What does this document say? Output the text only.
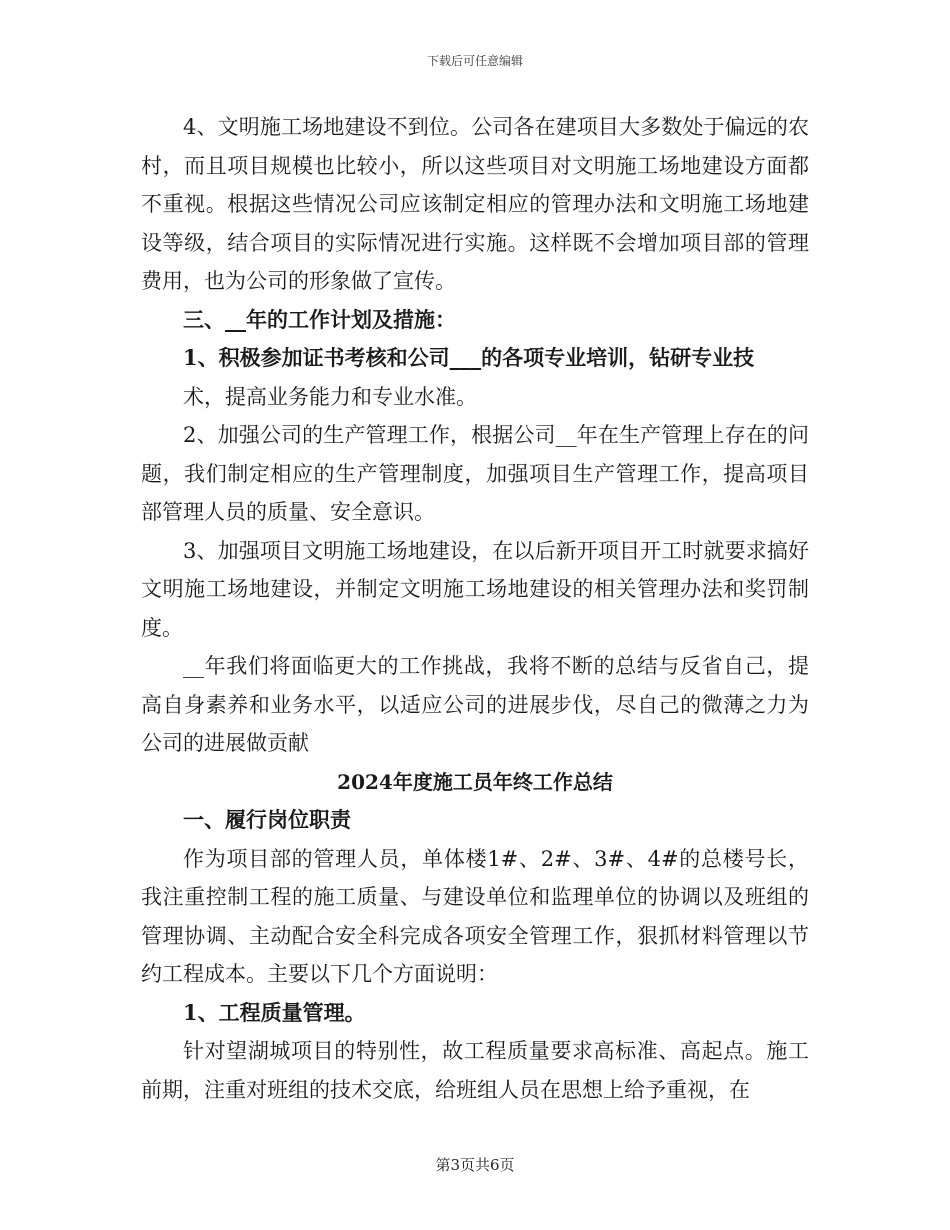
下载后可任意编辑

4、文明施工场地建设不到位。公司各在建项目大多数处于偏远的农村，而且项目规模也比较小，所以这些项目对文明施工场地建设方面都不重视。根据这些情况公司应该制定相应的管理办法和文明施工场地建设等级，结合项目的实际情况进行实施。这样既不会增加项目部的管理费用，也为公司的形象做了宣传。

三、__年的工作计划及措施：

1、积极参加证书考核和公司___的各项专业培训，钻研专业技

术，提高业务能力和专业水准。

2、加强公司的生产管理工作，根据公司__年在生产管理上存在的问题，我们制定相应的生产管理制度，加强项目生产管理工作，提高项目部管理人员的质量、安全意识。

3、加强项目文明施工场地建设，在以后新开项目开工时就要求搞好文明施工场地建设，并制定文明施工场地建设的相关管理办法和奖罚制度。

__年我们将面临更大的工作挑战，我将不断的总结与反省自己，提高自身素养和业务水平，以适应公司的进展步伐，尽自己的微薄之力为公司的进展做贡献

2024年度施工员年终工作总结

一、履行岗位职责

作为项目部的管理人员，单体楼1#、2#、3#、4#的总楼号长，我注重控制工程的施工质量、与建设单位和监理单位的协调以及班组的管理协调、主动配合安全科完成各项安全管理工作，狠抓材料管理以节约工程成本。主要以下几个方面说明：

1、工程质量管理。

针对望湖城项目的特别性，故工程质量要求高标准、高起点。施工前期，注重对班组的技术交底，给班组人员在思想上给予重视，在

第3页共6页
